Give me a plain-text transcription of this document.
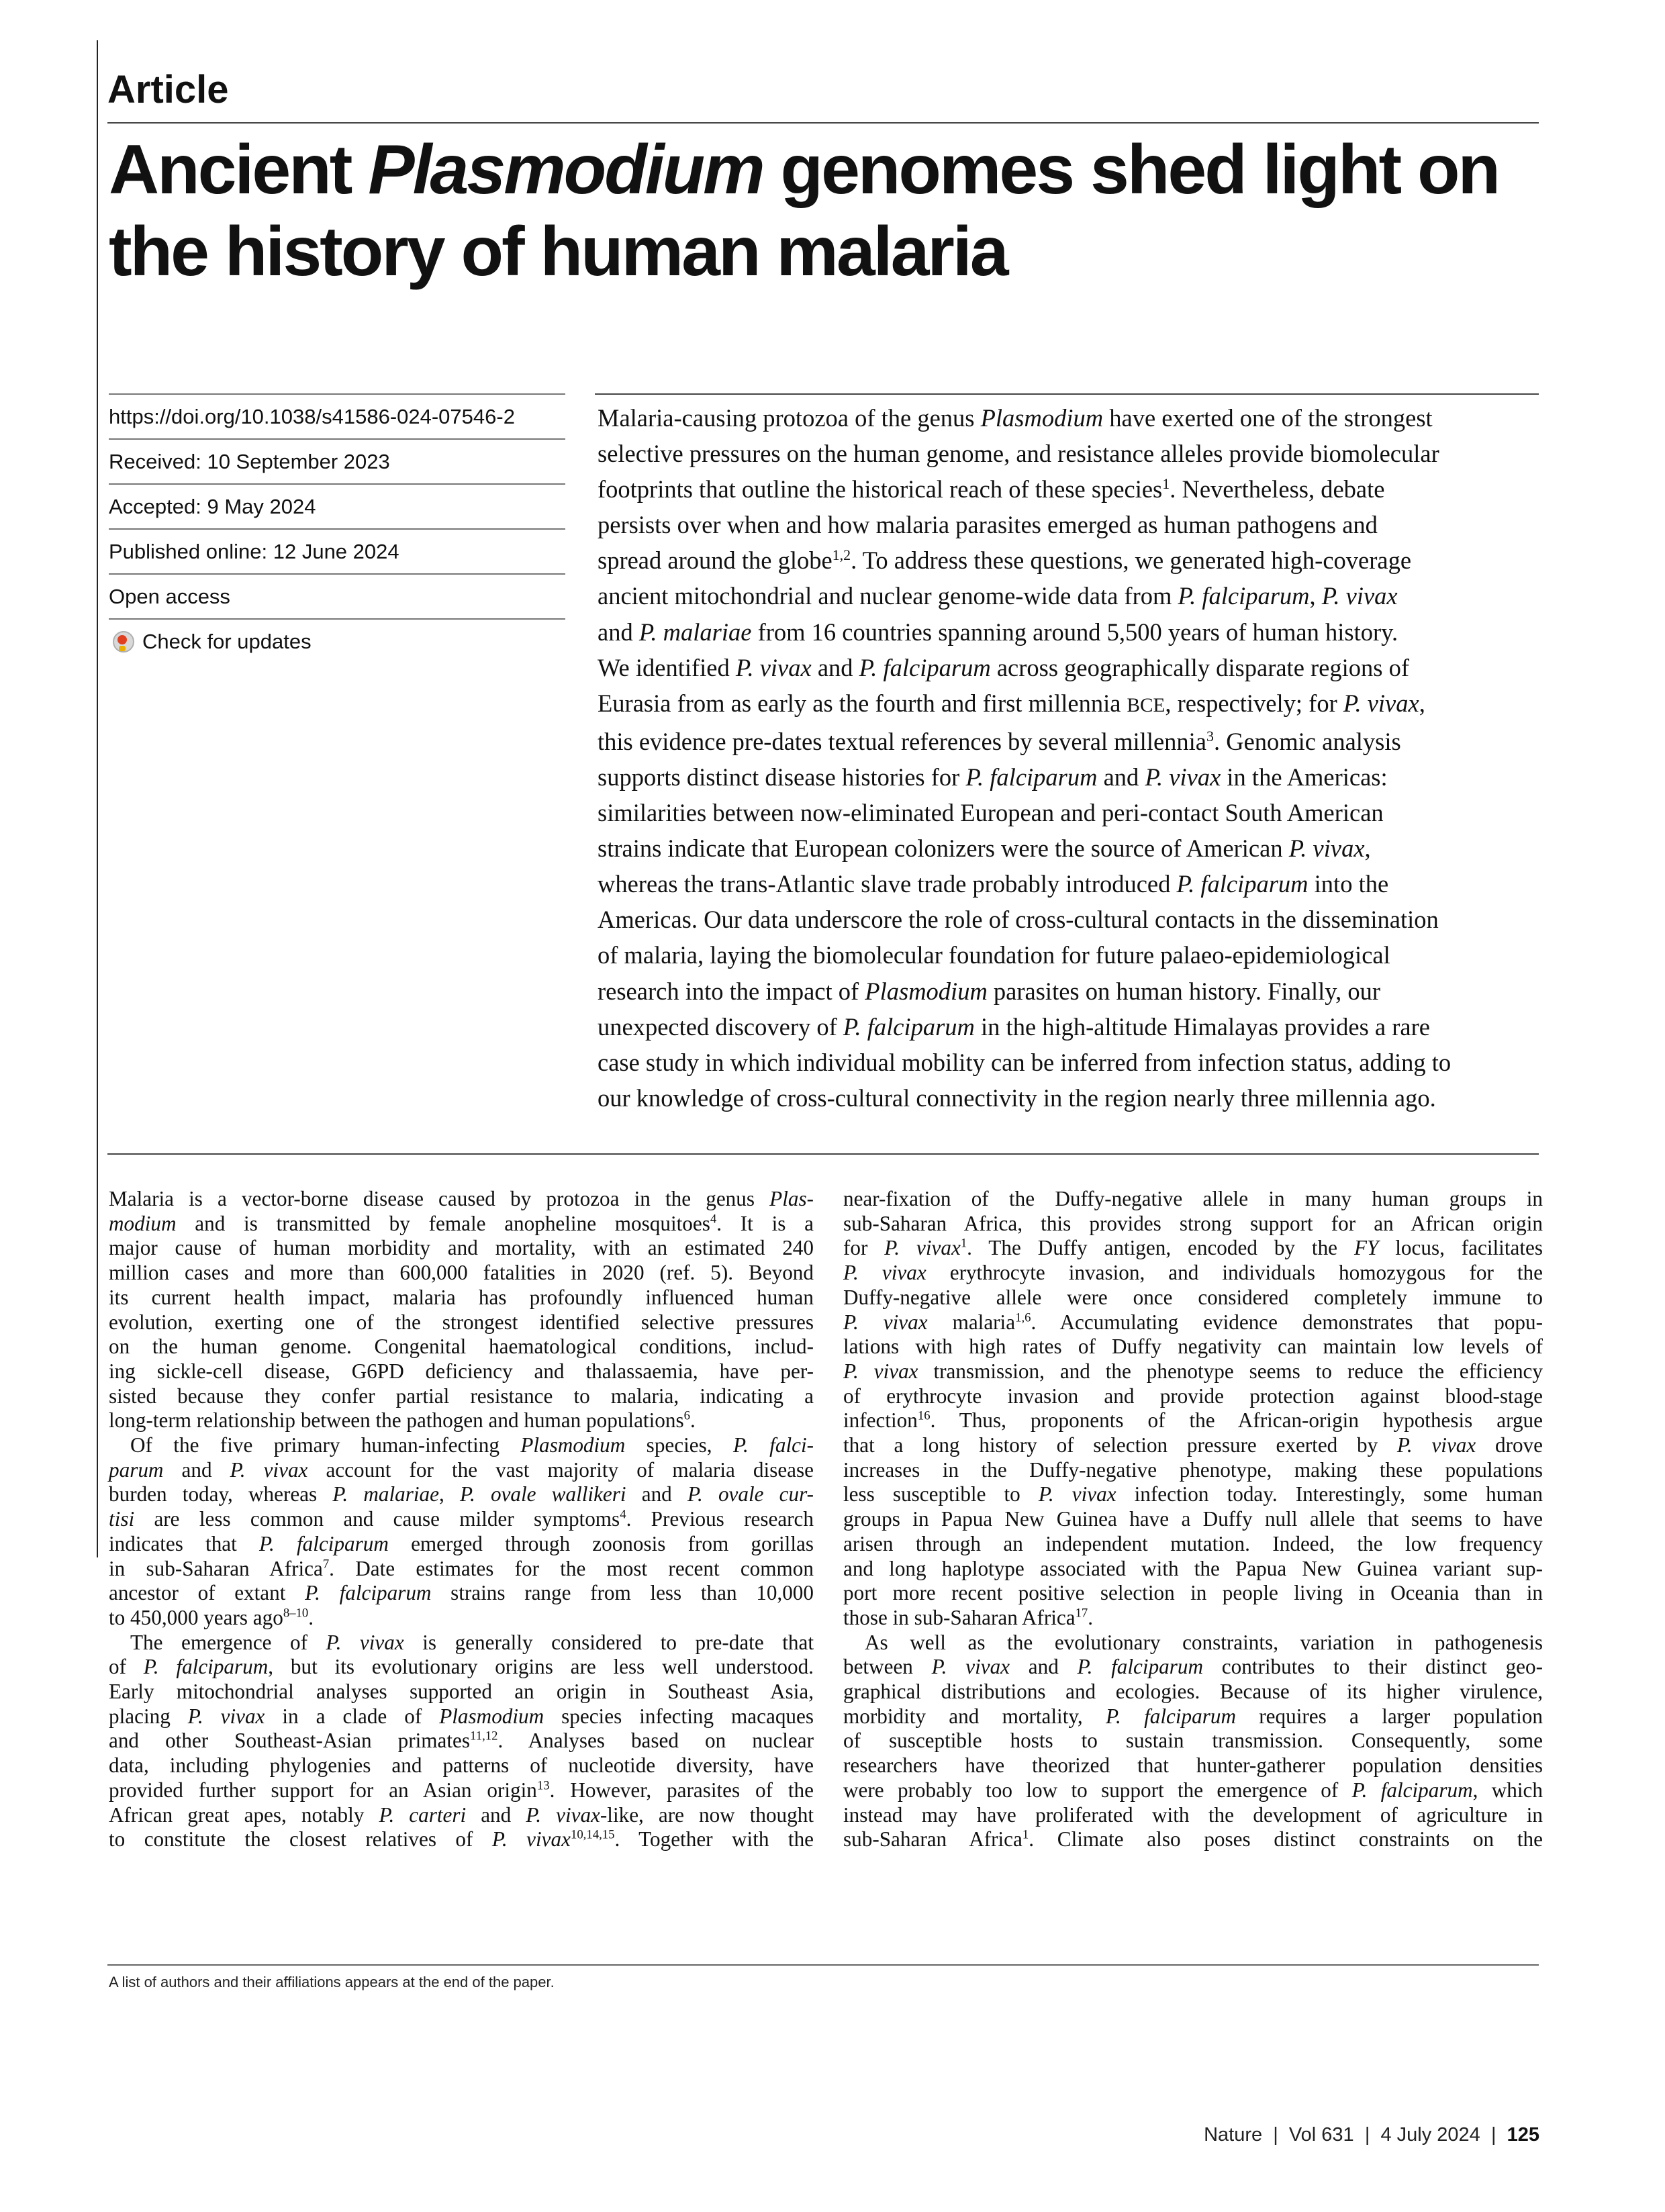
Article
Ancient Plasmodium genomes shed light on
the history of human malaria
https://doi.org/10.1038/s41586-024-07546-2
Received: 10 September 2023
Accepted: 9 May 2024
Published online: 12 June 2024
Open access
Check for updates
Malaria-causing protozoa of the genus Plasmodium have exerted one of the strongest
selective pressures on the human genome, and resistance alleles provide biomolecular
footprints that outline the historical reach of these species$^1$. Nevertheless, debate
persists over when and how malaria parasites emerged as human pathogens and
spread around the globe$^{1,2}$. To address these questions, we generated high-coverage
ancient mitochondrial and nuclear genome-wide data from P. falciparum, P. vivax
and P. malariae from 16 countries spanning around 5,500 years of human history.
We identified P. vivax and P. falciparum across geographically disparate regions of
Eurasia from as early as the fourth and first millennia BCE, respectively; for P. vivax,
this evidence pre-dates textual references by several millennia$^3$. Genomic analysis
supports distinct disease histories for P. falciparum and P. vivax in the Americas:
similarities between now-eliminated European and peri-contact South American
strains indicate that European colonizers were the source of American P. vivax,
whereas the trans-Atlantic slave trade probably introduced P. falciparum into the
Americas. Our data underscore the role of cross-cultural contacts in the dissemination
of malaria, laying the biomolecular foundation for future palaeo-epidemiological
research into the impact of Plasmodium parasites on human history. Finally, our
unexpected discovery of P. falciparum in the high-altitude Himalayas provides a rare
case study in which individual mobility can be inferred from infection status, adding to
our knowledge of cross-cultural connectivity in the region nearly three millennia ago.
Malaria is a vector-borne disease caused by protozoa in the genus Plas-
modium and is transmitted by female anopheline mosquitoes$^4$. It is a
major cause of human morbidity and mortality, with an estimated 240
million cases and more than 600,000 fatalities in 2020 (ref. 5). Beyond
its current health impact, malaria has profoundly influenced human
evolution, exerting one of the strongest identified selective pressures
on the human genome. Congenital haematological conditions, includ-
ing sickle-cell disease, G6PD deficiency and thalassaemia, have per-
sisted because they confer partial resistance to malaria, indicating a
long-term relationship between the pathogen and human populations$^6$.
Of the five primary human-infecting Plasmodium species, P. falci-
parum and P. vivax account for the vast majority of malaria disease
burden today, whereas P. malariae, P. ovale wallikeri and P. ovale cur-
tisi are less common and cause milder symptoms$^4$. Previous research
indicates that P. falciparum emerged through zoonosis from gorillas
in sub-Saharan Africa$^7$. Date estimates for the most recent common
ancestor of extant P. falciparum strains range from less than 10,000
to 450,000 years ago$^{8-10}$.
The emergence of P. vivax is generally considered to pre-date that
of P. falciparum, but its evolutionary origins are less well understood.
Early mitochondrial analyses supported an origin in Southeast Asia,
placing P. vivax in a clade of Plasmodium species infecting macaques
and other Southeast-Asian primates$^{11,12}$. Analyses based on nuclear
data, including phylogenies and patterns of nucleotide diversity, have
provided further support for an Asian origin$^{13}$. However, parasites of the
African great apes, notably P. carteri and P. vivax-like, are now thought
to constitute the closest relatives of P. vivax$^{10,14,15}$. Together with the
near-fixation of the Duffy-negative allele in many human groups in
sub-Saharan Africa, this provides strong support for an African origin
for P. vivax$^1$. The Duffy antigen, encoded by the FY locus, facilitates
P. vivax erythrocyte invasion, and individuals homozygous for the
Duffy-negative allele were once considered completely immune to
P. vivax malaria$^{1,6}$. Accumulating evidence demonstrates that popu-
lations with high rates of Duffy negativity can maintain low levels of
P. vivax transmission, and the phenotype seems to reduce the efficiency
of erythrocyte invasion and provide protection against blood-stage
infection$^{16}$. Thus, proponents of the African-origin hypothesis argue
that a long history of selection pressure exerted by P. vivax drove
increases in the Duffy-negative phenotype, making these populations
less susceptible to P. vivax infection today. Interestingly, some human
groups in Papua New Guinea have a Duffy null allele that seems to have
arisen through an independent mutation. Indeed, the low frequency
and long haplotype associated with the Papua New Guinea variant sup-
port more recent positive selection in people living in Oceania than in
those in sub-Saharan Africa$^{17}$.
As well as the evolutionary constraints, variation in pathogenesis
between P. vivax and P. falciparum contributes to their distinct geo-
graphical distributions and ecologies. Because of its higher virulence,
morbidity and mortality, P. falciparum requires a larger population
of susceptible hosts to sustain transmission. Consequently, some
researchers have theorized that hunter-gatherer population densities
were probably too low to support the emergence of P. falciparum, which
instead may have proliferated with the development of agriculture in
sub-Saharan Africa$^1$. Climate also poses distinct constraints on the
A list of authors and their affiliations appears at the end of the paper.
Nature | Vol 631 | 4 July 2024 | 125
